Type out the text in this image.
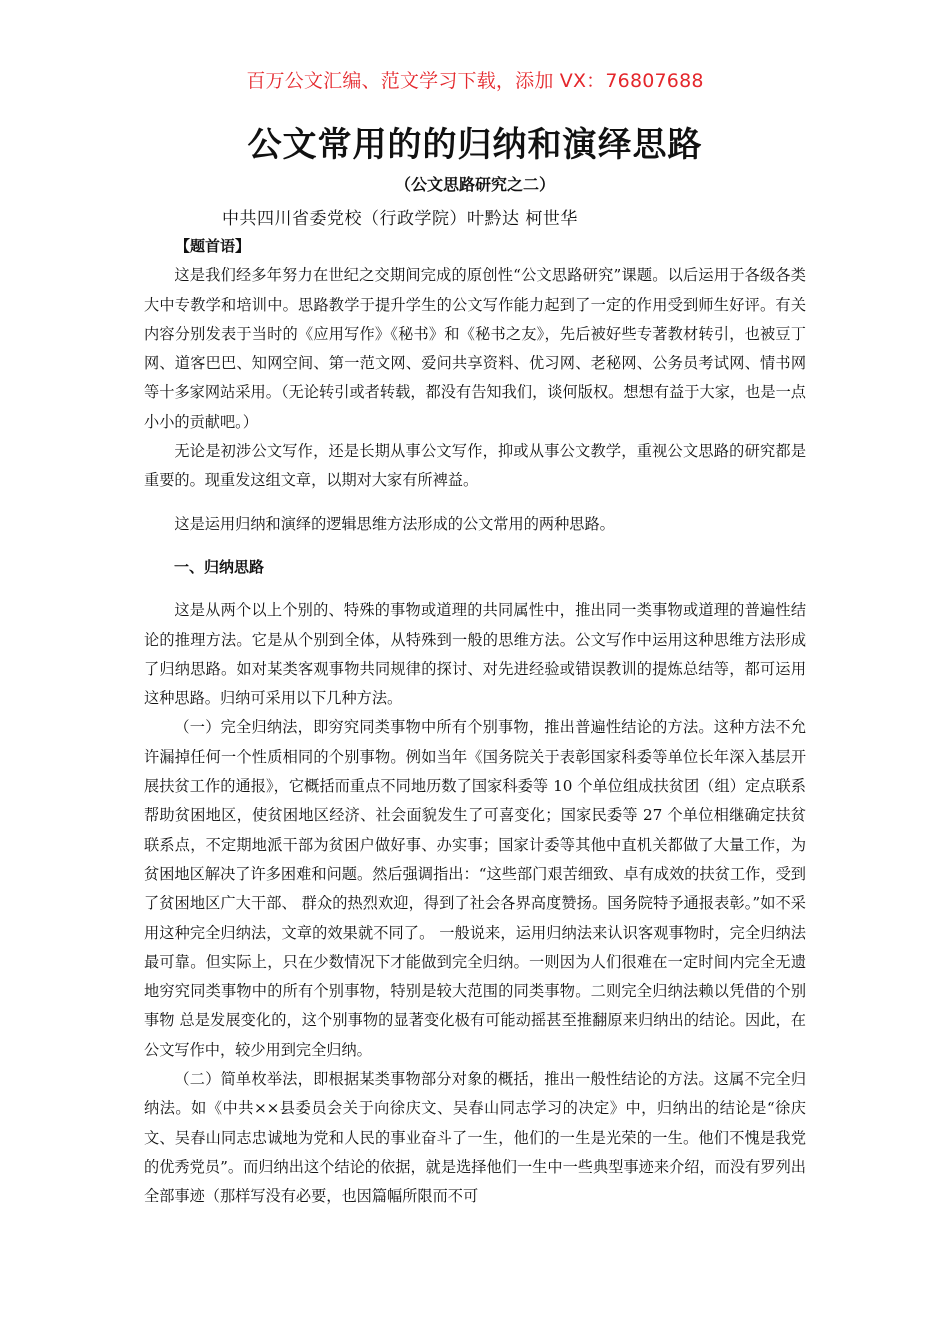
百万公文汇编、范文学习下载，添加 VX：76807688
公文常用的的归纳和演绎思路
（公文思路研究之二）
中共四川省委党校（行政学院）叶黔达 柯世华
【题首语】

这是我们经多年努力在世纪之交期间完成的原创性“公文思路研究”课题。以后运用于各级各类大中专教学和培训中。思路教学于提升学生的公文写作能力起到了一定的作用受到师生好评。有关内容分别发表于当时的《应用写作》《秘书》和《秘书之友》，先后被好些专著教材转引，也被豆丁网、道客巴巴、知网空间、第一范文网、爱问共享资料、优习网、老秘网、公务员考试网、情书网等十多家网站采用。（无论转引或者转载，都没有告知我们，谈何版权。想想有益于大家，也是一点小小的贡献吧。）

无论是初涉公文写作，还是长期从事公文写作，抑或从事公文教学，重视公文思路的研究都是重要的。现重发这组文章，以期对大家有所裨益。

这是运用归纳和演绎的逻辑思维方法形成的公文常用的两种思路。

一、归纳思路

这是从两个以上个别的、特殊的事物或道理的共同属性中，推出同一类事物或道理的普遍性结论的推理方法。它是从个别到全体，从特殊到一般的思维方法。公文写作中运用这种思维方法形成了归纳思路。如对某类客观事物共同规律的探讨、对先进经验或错误教训的提炼总结等，都可运用这种思路。归纳可采用以下几种方法。

（一）完全归纳法，即穷究同类事物中所有个别事物，推出普遍性结论的方法。这种方法不允许漏掉任何一个性质相同的个别事物。例如当年《国务院关于表彰国家科委等单位长年深入基层开展扶贫工作的通报》，它概括而重点不同地历数了国家科委等 10 个单位组成扶贫团（组）定点联系帮助贫困地区，使贫困地区经济、社会面貌发生了可喜变化；国家民委等 27 个单位相继确定扶贫联系点，不定期地派干部为贫困户做好事、办实事；国家计委等其他中直机关都做了大量工作，为贫困地区解决了许多困难和问题。然后强调指出：“这些部门艰苦细致、卓有成效的扶贫工作，受到了贫困地区广大干部、 群众的热烈欢迎，得到了社会各界高度赞扬。国务院特予通报表彰。”如不采用这种完全归纳法，文章的效果就不同了。 一般说来，运用归纳法来认识客观事物时，完全归纳法最可靠。但实际上，只在少数情况下才能做到完全归纳。一则因为人们很难在一定时间内完全无遗地穷究同类事物中的所有个别事物，特别是较大范围的同类事物。二则完全归纳法赖以凭借的个别事物 总是发展变化的，这个别事物的显著变化极有可能动摇甚至推翻原来归纳出的结论。因此，在公文写作中，较少用到完全归纳。

（二）简单枚举法，即根据某类事物部分对象的概括，推出一般性结论的方法。这属不完全归纳法。如《中共××县委员会关于向徐庆文、吴春山同志学习的决定》中，归纳出的结论是“徐庆文、吴春山同志忠诚地为党和人民的事业奋斗了一生，他们的一生是光荣的一生。他们不愧是我党的优秀党员”。而归纳出这个结论的依据，就是选择他们一生中一些典型事迹来介绍，而没有罗列出全部事迹（那样写没有必要，也因篇幅所限而不可
